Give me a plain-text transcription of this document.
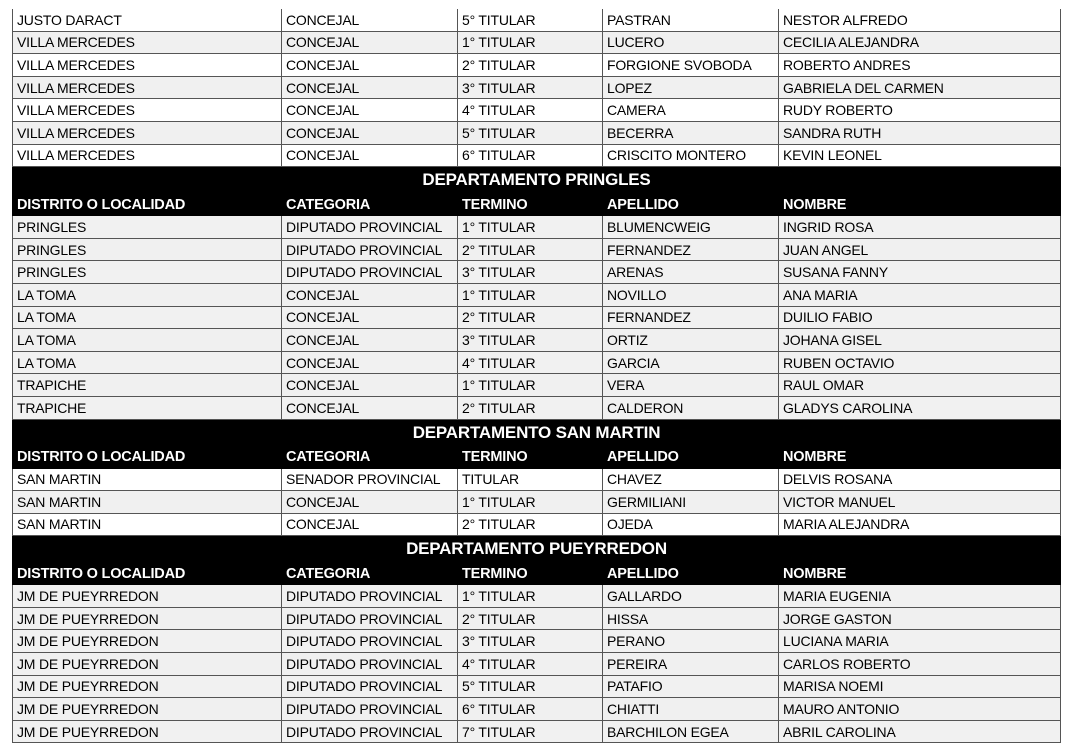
JUSTO DARACT	CONCEJAL	5° TITULAR	PASTRAN	NESTOR ALFREDO
VILLA MERCEDES	CONCEJAL	1° TITULAR	LUCERO	CECILIA ALEJANDRA
VILLA MERCEDES	CONCEJAL	2° TITULAR	FORGIONE SVOBODA	ROBERTO ANDRES
VILLA MERCEDES	CONCEJAL	3° TITULAR	LOPEZ	GABRIELA DEL CARMEN
VILLA MERCEDES	CONCEJAL	4° TITULAR	CAMERA	RUDY ROBERTO
VILLA MERCEDES	CONCEJAL	5° TITULAR	BECERRA	SANDRA RUTH
VILLA MERCEDES	CONCEJAL	6° TITULAR	CRISCITO MONTERO	KEVIN LEONEL
DEPARTAMENTO PRINGLES				
DISTRITO O LOCALIDAD	CATEGORIA	TERMINO	APELLIDO	NOMBRE
PRINGLES	DIPUTADO PROVINCIAL	1° TITULAR	BLUMENCWEIG	INGRID ROSA
PRINGLES	DIPUTADO PROVINCIAL	2° TITULAR	FERNANDEZ	JUAN ANGEL
PRINGLES	DIPUTADO PROVINCIAL	3° TITULAR	ARENAS	SUSANA FANNY
LA TOMA	CONCEJAL	1° TITULAR	NOVILLO	ANA MARIA
LA TOMA	CONCEJAL	2° TITULAR	FERNANDEZ	DUILIO FABIO
LA TOMA	CONCEJAL	3° TITULAR	ORTIZ	JOHANA GISEL
LA TOMA	CONCEJAL	4° TITULAR	GARCIA	RUBEN OCTAVIO
TRAPICHE	CONCEJAL	1° TITULAR	VERA	RAUL OMAR
TRAPICHE	CONCEJAL	2° TITULAR	CALDERON	GLADYS CAROLINA
DEPARTAMENTO SAN MARTIN				
DISTRITO O LOCALIDAD	CATEGORIA	TERMINO	APELLIDO	NOMBRE
SAN MARTIN	SENADOR PROVINCIAL	TITULAR	CHAVEZ	DELVIS ROSANA
SAN MARTIN	CONCEJAL	1° TITULAR	GERMILIANI	VICTOR MANUEL
SAN MARTIN	CONCEJAL	2° TITULAR	OJEDA	MARIA ALEJANDRA
DEPARTAMENTO PUEYRREDON				
DISTRITO O LOCALIDAD	CATEGORIA	TERMINO	APELLIDO	NOMBRE
JM DE PUEYRREDON	DIPUTADO PROVINCIAL	1° TITULAR	GALLARDO	MARIA EUGENIA
JM DE PUEYRREDON	DIPUTADO PROVINCIAL	2° TITULAR	HISSA	JORGE GASTON
JM DE PUEYRREDON	DIPUTADO PROVINCIAL	3° TITULAR	PERANO	LUCIANA MARIA
JM DE PUEYRREDON	DIPUTADO PROVINCIAL	4° TITULAR	PEREIRA	CARLOS ROBERTO
JM DE PUEYRREDON	DIPUTADO PROVINCIAL	5° TITULAR	PATAFIO	MARISA NOEMI
JM DE PUEYRREDON	DIPUTADO PROVINCIAL	6° TITULAR	CHIATTI	MAURO ANTONIO
JM DE PUEYRREDON	DIPUTADO PROVINCIAL	7° TITULAR	BARCHILON EGEA	ABRIL CAROLINA
